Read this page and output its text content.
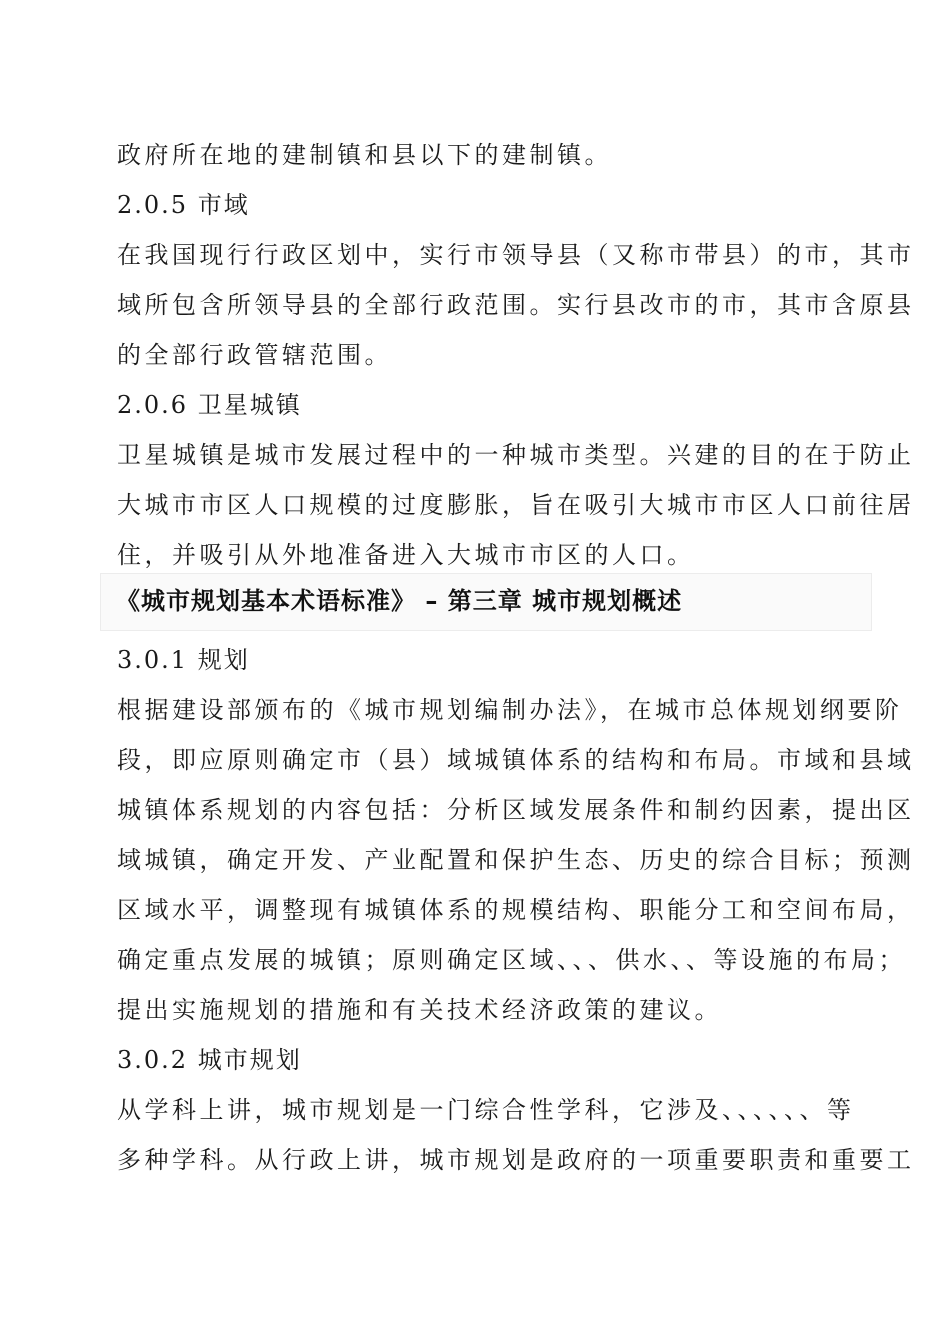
政府所在地的建制镇和县以下的建制镇。
2.0.5 市域
在我国现行行政区划中，实行市领导县（又称市带县）的市，其市
域所包含所领导县的全部行政范围。实行县改市的市，其市含原县
的全部行政管辖范围。
2.0.6 卫星城镇
卫星城镇是城市发展过程中的一种城市类型。兴建的目的在于防止
大城市市区人口规模的过度膨胀，旨在吸引大城市市区人口前往居
住，并吸引从外地准备进入大城市市区的人口。
《城市规划基本术语标准》 – 第三章 城市规划概述
3.0.1 规划
根据建设部颁布的《城市规划编制办法》，在城市总体规划纲要阶
段，即应原则确定市（县）域城镇体系的结构和布局。市域和县域
城镇体系规划的内容包括：分析区域发展条件和制约因素，提出区
域城镇，确定开发、产业配置和保护生态、历史的综合目标；预测
区域水平，调整现有城镇体系的规模结构、职能分工和空间布局，
确定重点发展的城镇；原则确定区域、、、供水、、等设施的布局；
提出实施规划的措施和有关技术经济政策的建议。
3.0.2 城市规划
从学科上讲，城市规划是一门综合性学科，它涉及、、、、、、等
多种学科。从行政上讲，城市规划是政府的一项重要职责和重要工
